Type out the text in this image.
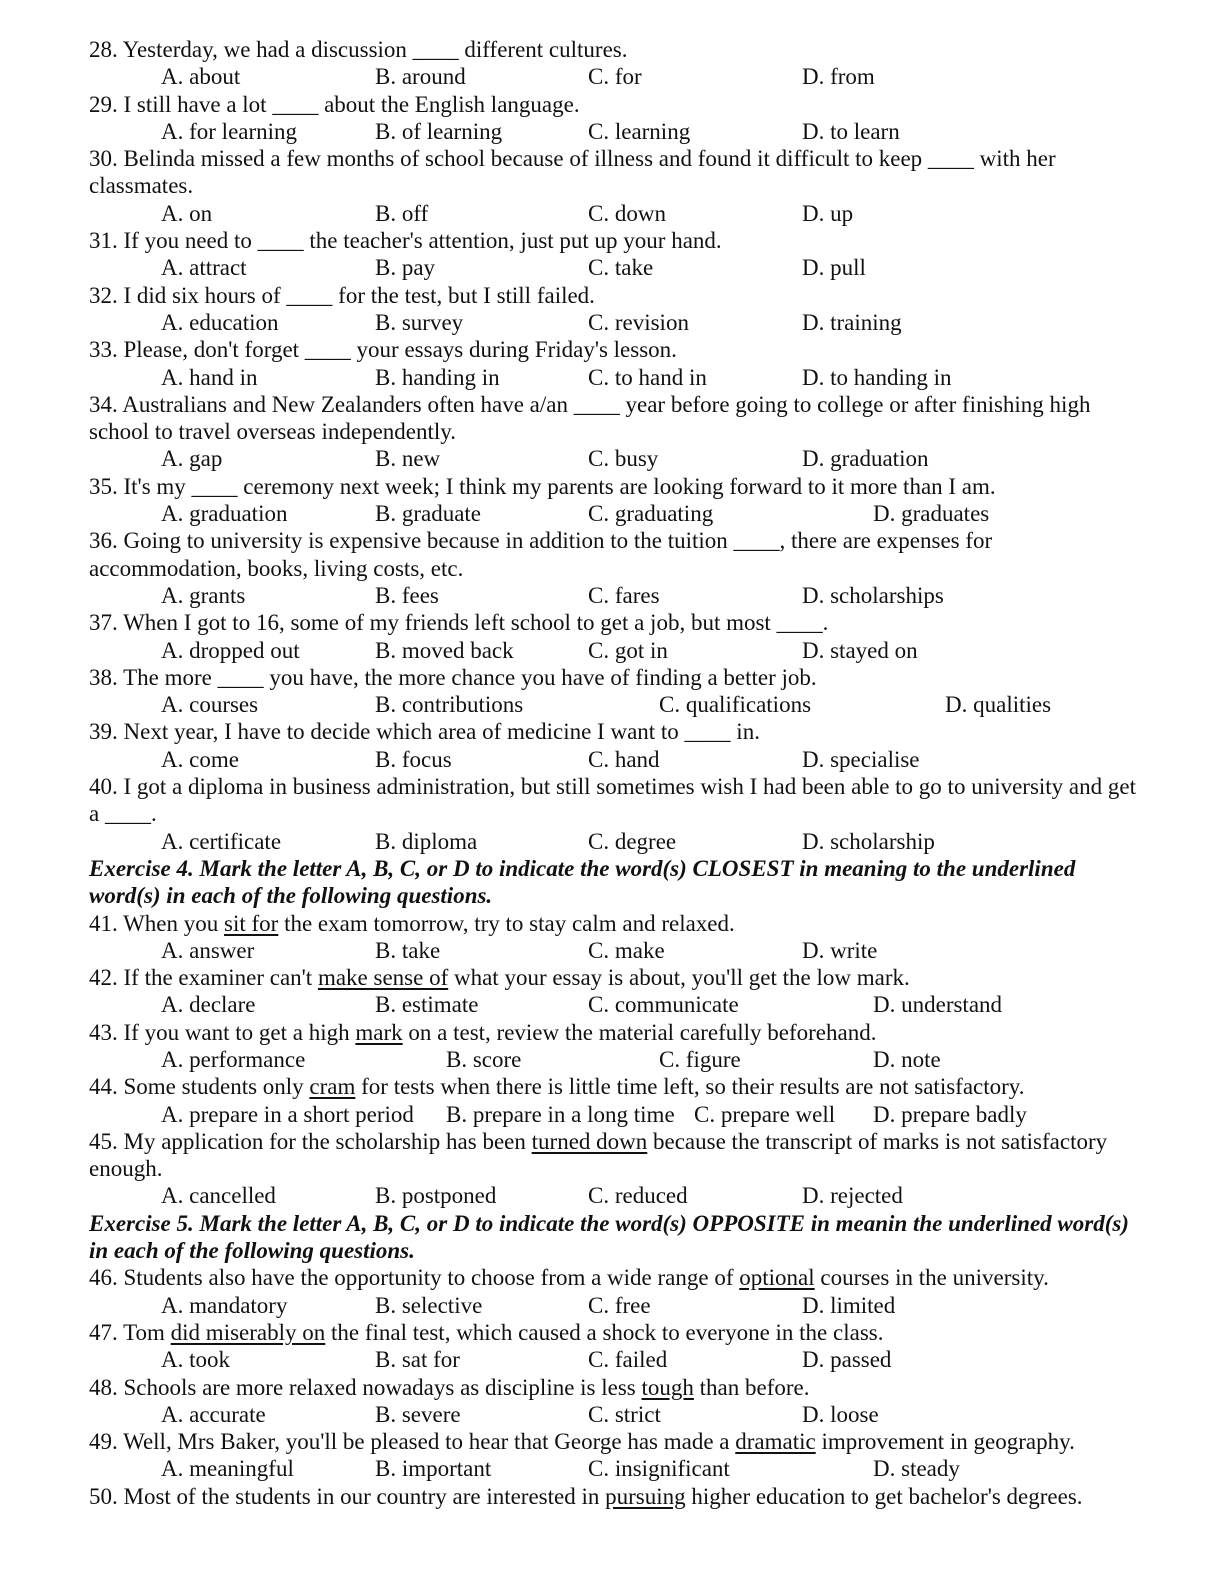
28. Yesterday, we had a discussion ____ different cultures.
A. about	B. around	C. for	D. from
29. I still have a lot ____ about the English language.
A. for learning	B. of learning	C. learning	D. to learn
30. Belinda missed a few months of school because of illness and found it difficult to keep ____ with her
classmates.
A. on	B. off	C. down	D. up
31. If you need to ____ the teacher's attention, just put up your hand.
A. attract	B. pay	C. take	D. pull
32. I did six hours of ____ for the test, but I still failed.
A. education	B. survey	C. revision	D. training
33. Please, don't forget ____ your essays during Friday's lesson.
A. hand in	B. handing in	C. to hand in	D. to handing in
34. Australians and New Zealanders often have a/an ____ year before going to college or after finishing high
school to travel overseas independently.
A. gap	B. new	C. busy	D. graduation
35. It's my ____ ceremony next week; I think my parents are looking forward to it more than I am.
A. graduation	B. graduate	C. graduating	D. graduates
36. Going to university is expensive because in addition to the tuition ____, there are expenses for
accommodation, books, living costs, etc.
A. grants	B. fees	C. fares	D. scholarships
37. When I got to 16, some of my friends left school to get a job, but most ____.
A. dropped out	B. moved back	C. got in	D. stayed on
38. The more ____ you have, the more chance you have of finding a better job.
A. courses	B. contributions	C. qualifications	D. qualities
39. Next year, I have to decide which area of medicine I want to ____ in.
A. come	B. focus	C. hand	D. specialise
40. I got a diploma in business administration, but still sometimes wish I had been able to go to university and get
a ____.
A. certificate	B. diploma	C. degree	D. scholarship
Exercise 4. Mark the letter A, B, C, or D to indicate the word(s) CLOSEST in meaning to the underlined
word(s) in each of the following questions.
41. When you sit for the exam tomorrow, try to stay calm and relaxed.
A. answer	B. take	C. make	D. write
42. If the examiner can't make sense of what your essay is about, you'll get the low mark.
A. declare	B. estimate	C. communicate	D. understand
43. If you want to get a high mark on a test, review the material carefully beforehand.
A. performance	B. score	C. figure	D. note
44. Some students only cram for tests when there is little time left, so their results are not satisfactory.
A. prepare in a short period B. prepare in a long time C. prepare well D. prepare badly
45. My application for the scholarship has been turned down because the transcript of marks is not satisfactory
enough.
A. cancelled	B. postponed	C. reduced	D. rejected
Exercise 5. Mark the letter A, B, C, or D to indicate the word(s) OPPOSITE in meanin the underlined word(s)
in each of the following questions.
46. Students also have the opportunity to choose from a wide range of optional courses in the university.
A. mandatory	B. selective	C. free	D. limited
47. Tom did miserably on the final test, which caused a shock to everyone in the class.
A. took	B. sat for	C. failed	D. passed
48. Schools are more relaxed nowadays as discipline is less tough than before.
A. accurate	B. severe	C. strict	D. loose
49. Well, Mrs Baker, you'll be pleased to hear that George has made a dramatic improvement in geography.
A. meaningful	B. important	C. insignificant	D. steady
50. Most of the students in our country are interested in pursuing higher education to get bachelor's degrees.
